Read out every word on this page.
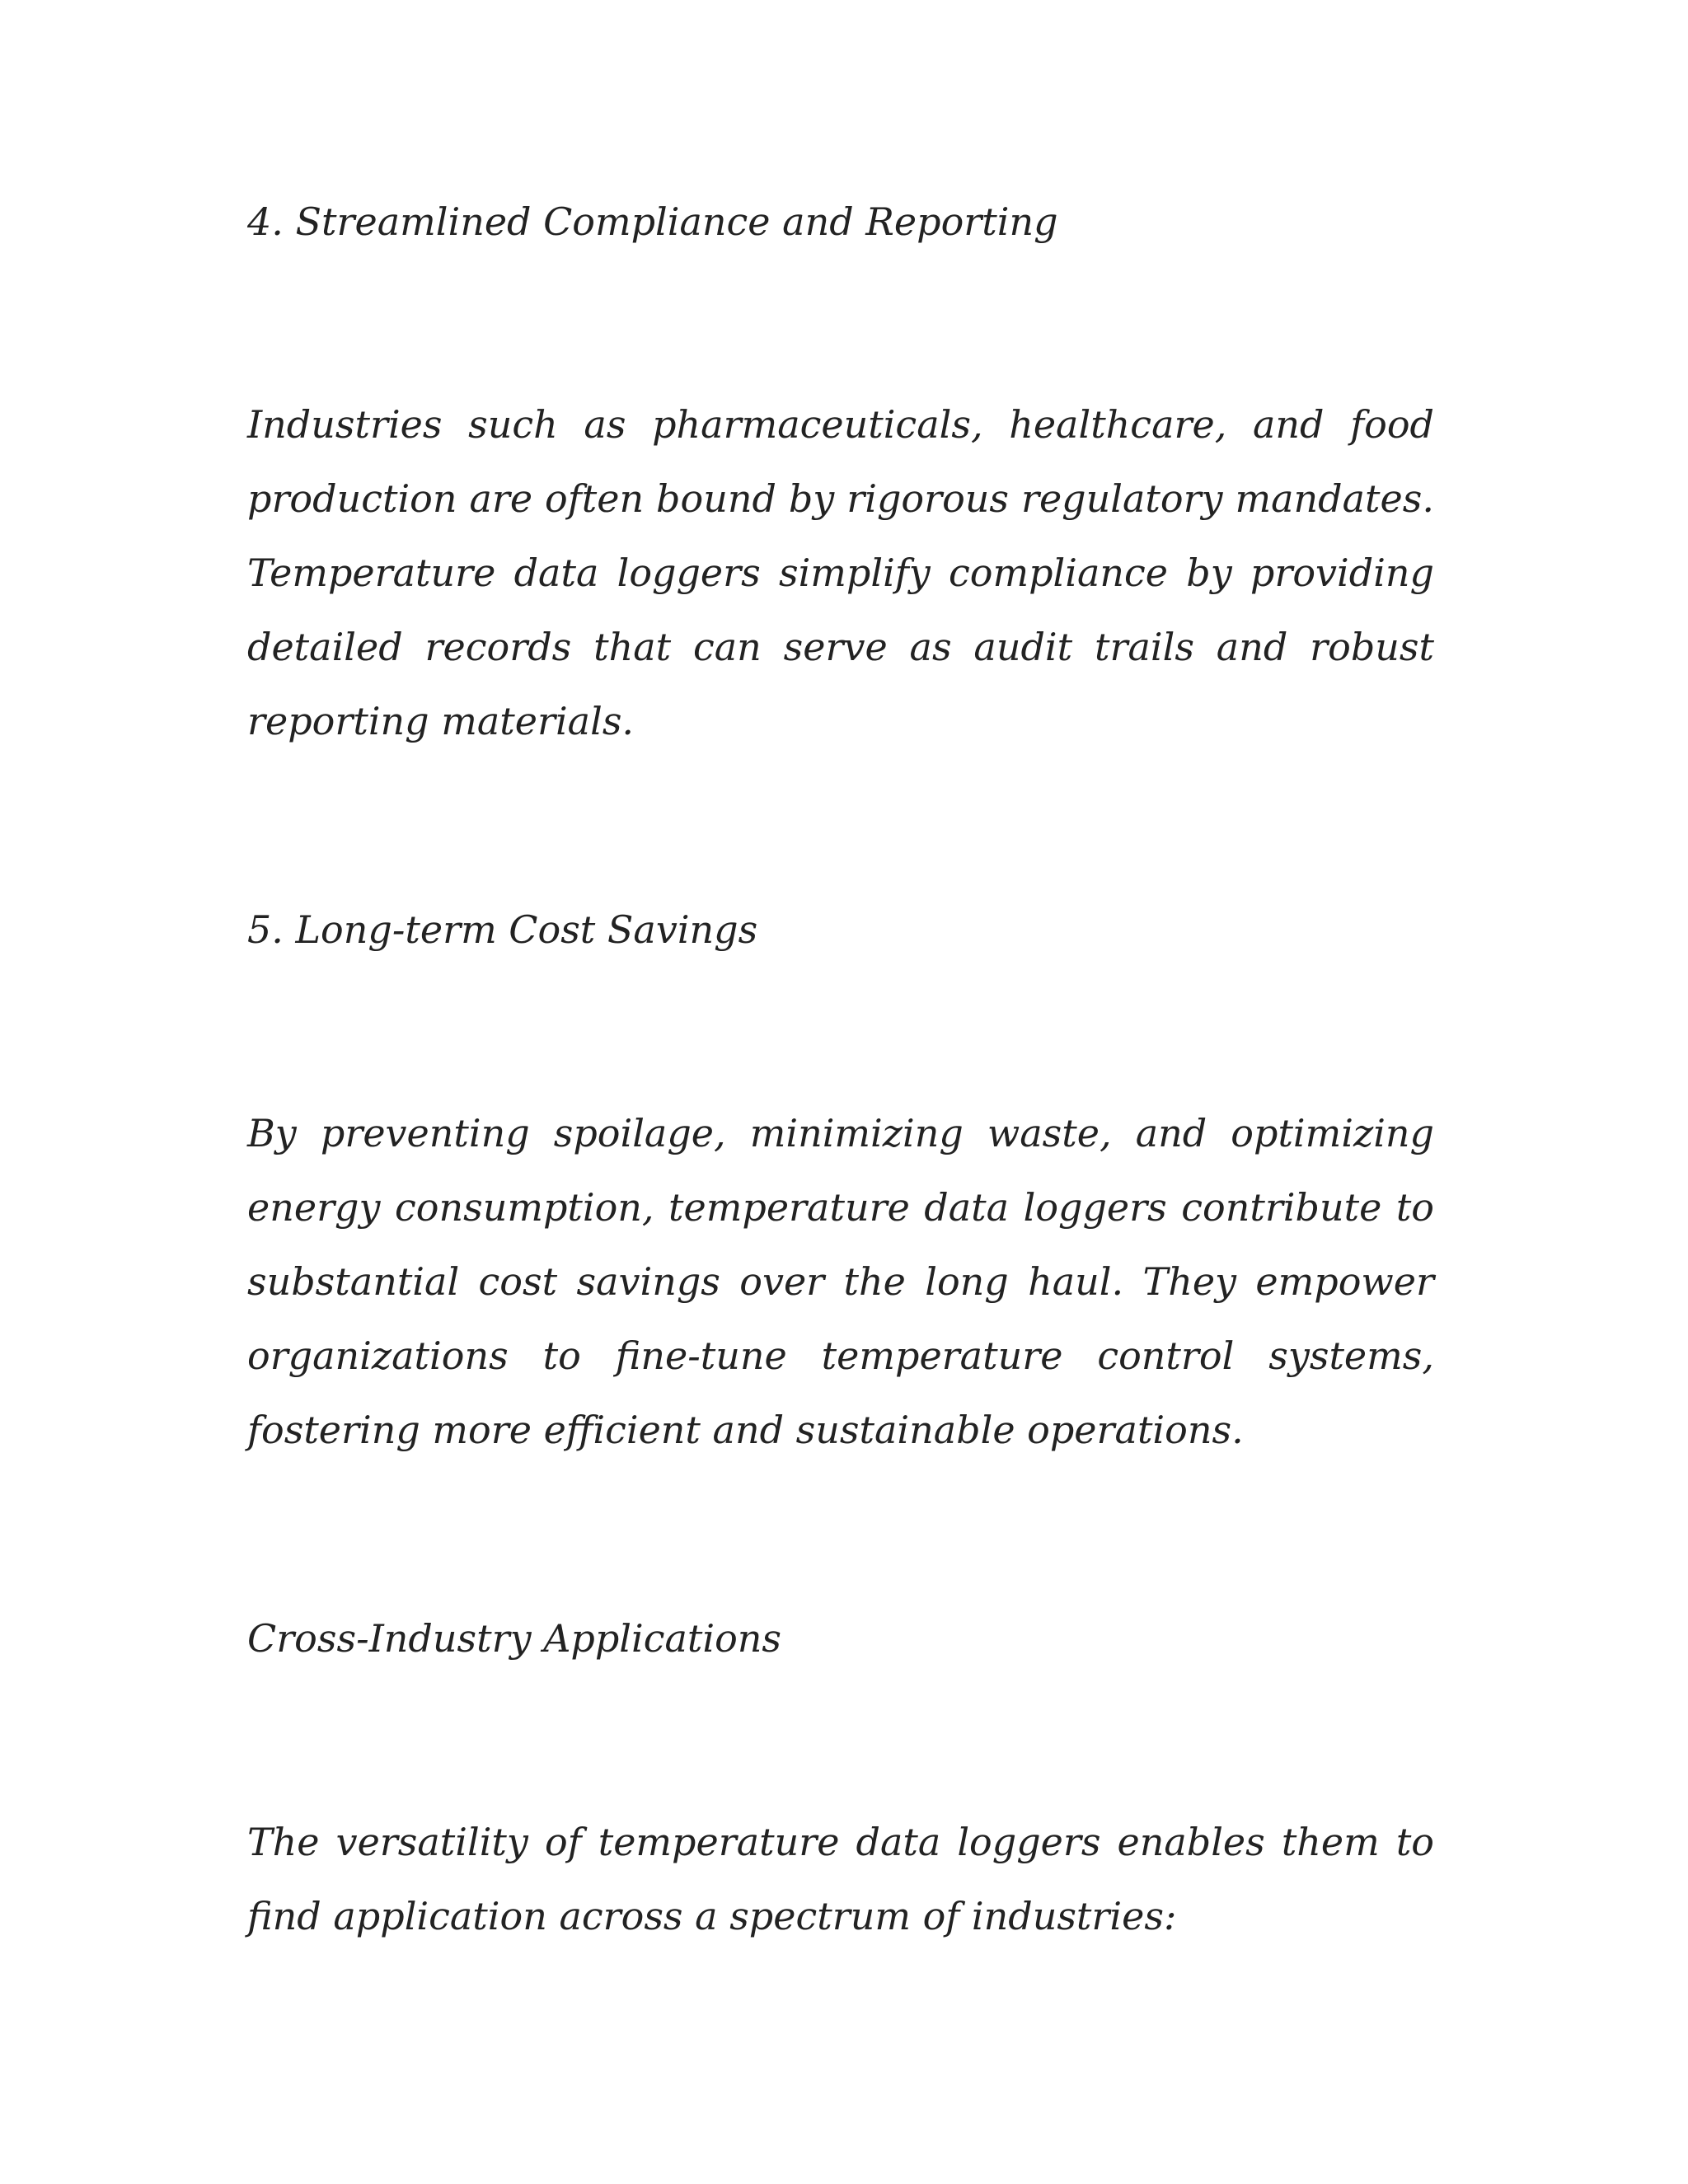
4. Streamlined Compliance and Reporting

Industries such as pharmaceuticals, healthcare, and food production are often bound by rigorous regulatory mandates. Temperature data loggers simplify compliance by providing detailed records that can serve as audit trails and robust reporting materials.

5. Long-term Cost Savings

By preventing spoilage, minimizing waste, and optimizing energy consumption, temperature data loggers contribute to substantial cost savings over the long haul. They empower organizations to fine-tune temperature control systems, fostering more efficient and sustainable operations.

Cross-Industry Applications

The versatility of temperature data loggers enables them to find application across a spectrum of industries:
